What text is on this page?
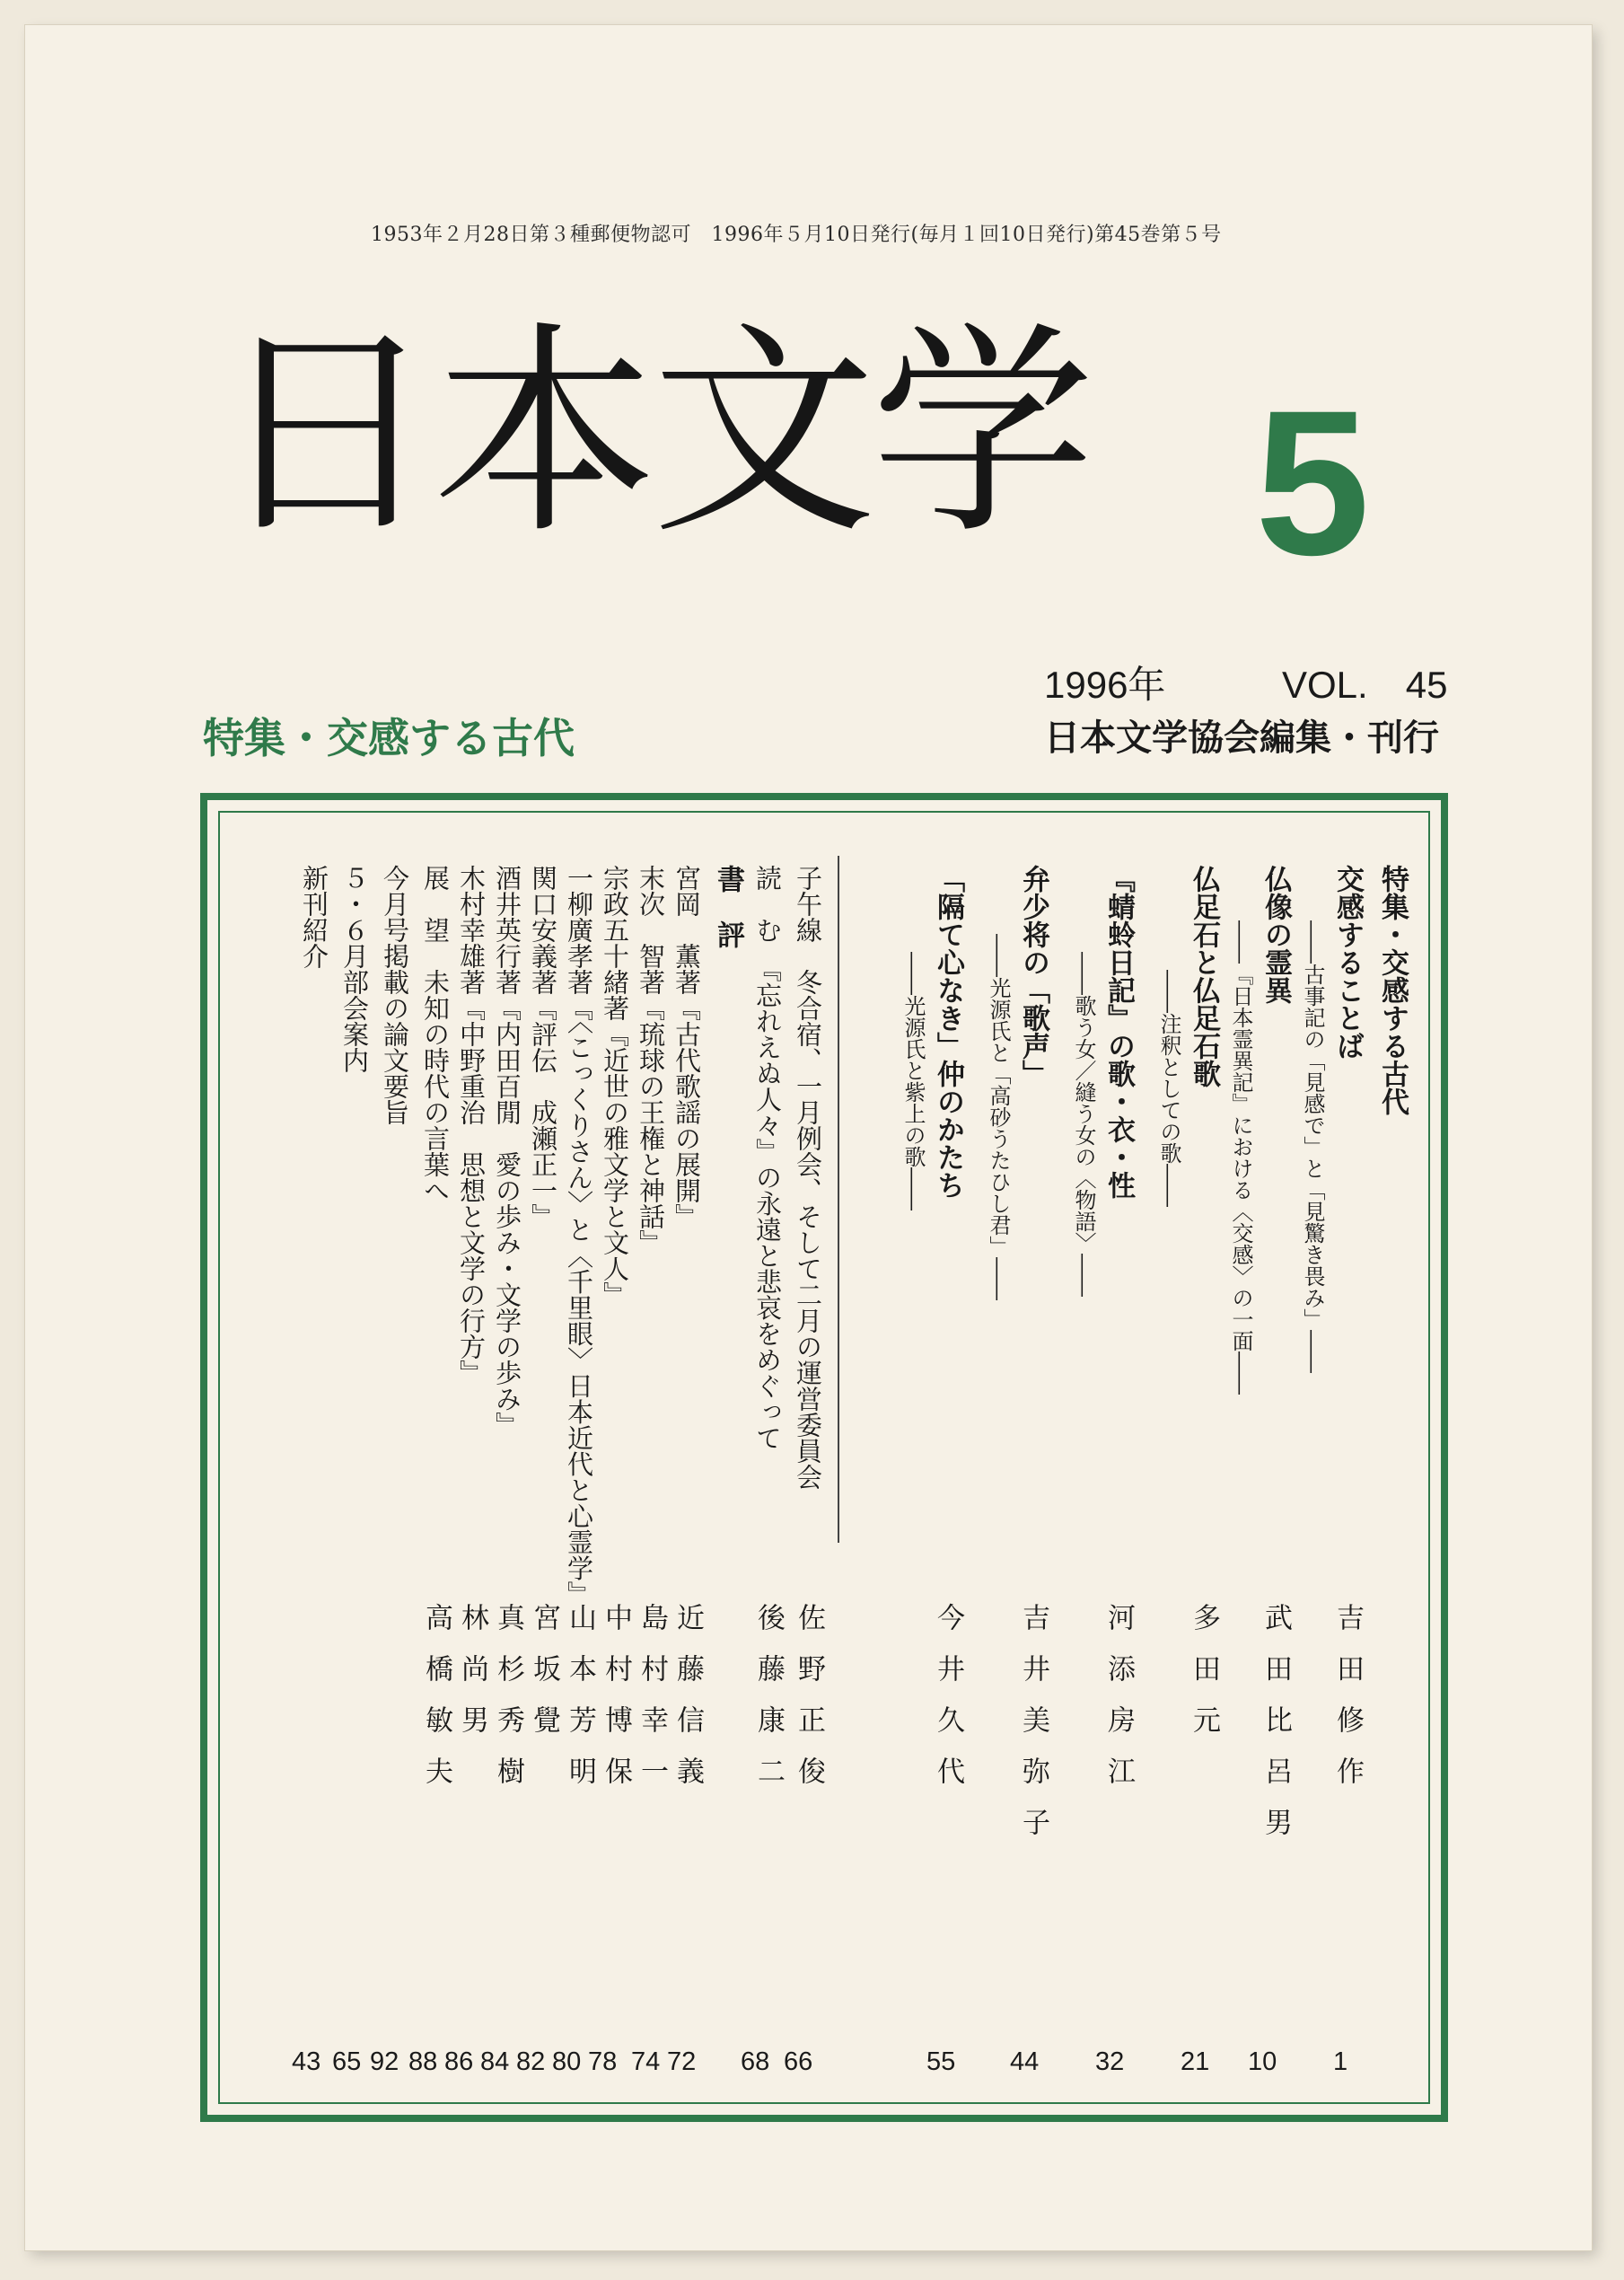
1953年２月28日第３種郵便物認可　1996年５月10日発行(毎月１回10日発行)第45巻第５号
日本文学 5
1996年	VOL.　45
日本文学協会編集・刊行
特集・交感する古代
特集・交感する古代
交感することば
――古事記の「見感で」と「見驚き畏み」――
吉田修作
1
仏像の霊異
――『日本霊異記』における〈交感〉の一面――
武田比呂男
10
仏足石と仏足石歌
――注釈としての歌――
多田元
21
『蜻蛉日記』の歌・衣・性
――歌う女／縫う女の〈物語〉――
河添房江
32
弁少将の「歌声」
――光源氏と「高砂うたひし君」――
吉井美弥子
44
「隔て心なき」仲のかたち
――光源氏と紫上の歌――
今井久代
55
子午線　冬合宿、一月例会、そして二月の運営委員会
佐野正俊
66
読　む　『忘れえぬ人々』の永遠と悲哀をめぐって
後藤康二
68
書　評
宮岡　薫著『古代歌謡の展開』
近藤信義
72
末次　智著『琉球の王権と神話』
島村幸一
74
宗政五十緒著『近世の雅文学と文人』
中村博保
78
一柳廣孝著『〈こっくりさん〉と〈千里眼〉日本近代と心霊学』
山本芳明
80
関口安義著『評伝　成瀬正一』
宮坂覺
82
酒井英行著『内田百閒　愛の歩み・文学の歩み』
真杉秀樹
84
木村幸雄著『中野重治　思想と文学の行方』
林尚男
86
展　望　未知の時代の言葉へ
高橋敏夫
88
今月号掲載の論文要旨
92
５・６月部会案内
65
新刊紹介
43
